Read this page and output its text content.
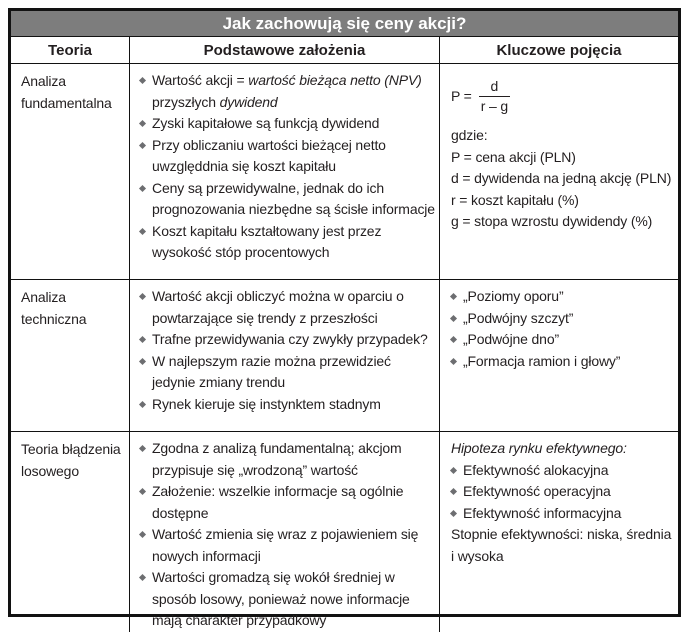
Jak zachowują się ceny akcji?
Teoria	Podstawowe założenia	Kluczowe pojęcia
Analiza fundamentalna
Wartość akcji = wartość bieżąca netto (NPV) przyszłych dywidend
Zyski kapitałowe są funkcją dywidend
Przy obliczaniu wartości bieżącej netto uwzględdnia się koszt kapitału
Ceny są przewidywalne, jednak do ich prognozowania niezbędne są ścisłe informacje
Koszt kapitału kształtowany jest przez wysokość stóp procentowych
$P = \frac{d}{r - g}$
gdzie:
P = cena akcji (PLN)
d = dywidenda na jedną akcję (PLN)
r = koszt kapitału (%)
g = stopa wzrostu dywidendy (%)
Analiza techniczna
Wartość akcji obliczyć można w oparciu o powtarzające się trendy z przeszłości
Trafne przewidywania czy zwykły przypadek?
W najlepszym razie można przewidzieć jedynie zmiany trendu
Rynek kieruje się instynktem stadnym
„Poziomy oporu”
„Podwójny szczyt”
„Podwójne dno”
„Formacja ramion i głowy”
Teoria błądzenia losowego
Zgodna z analizą fundamentalną; akcjom przypisuje się „wrodzoną” wartość
Założenie: wszelkie informacje są ogólnie dostępne
Wartość zmienia się wraz z pojawieniem się nowych informacji
Wartości gromadzą się wokół średniej w sposób losowy, ponieważ nowe informacje mają charakter przypadkowy
Hipoteza rynku efektywnego:
Efektywność alokacyjna
Efektywność operacyjna
Efektywność informacyjna
Stopnie efektywności: niska, średnia i wysoka
